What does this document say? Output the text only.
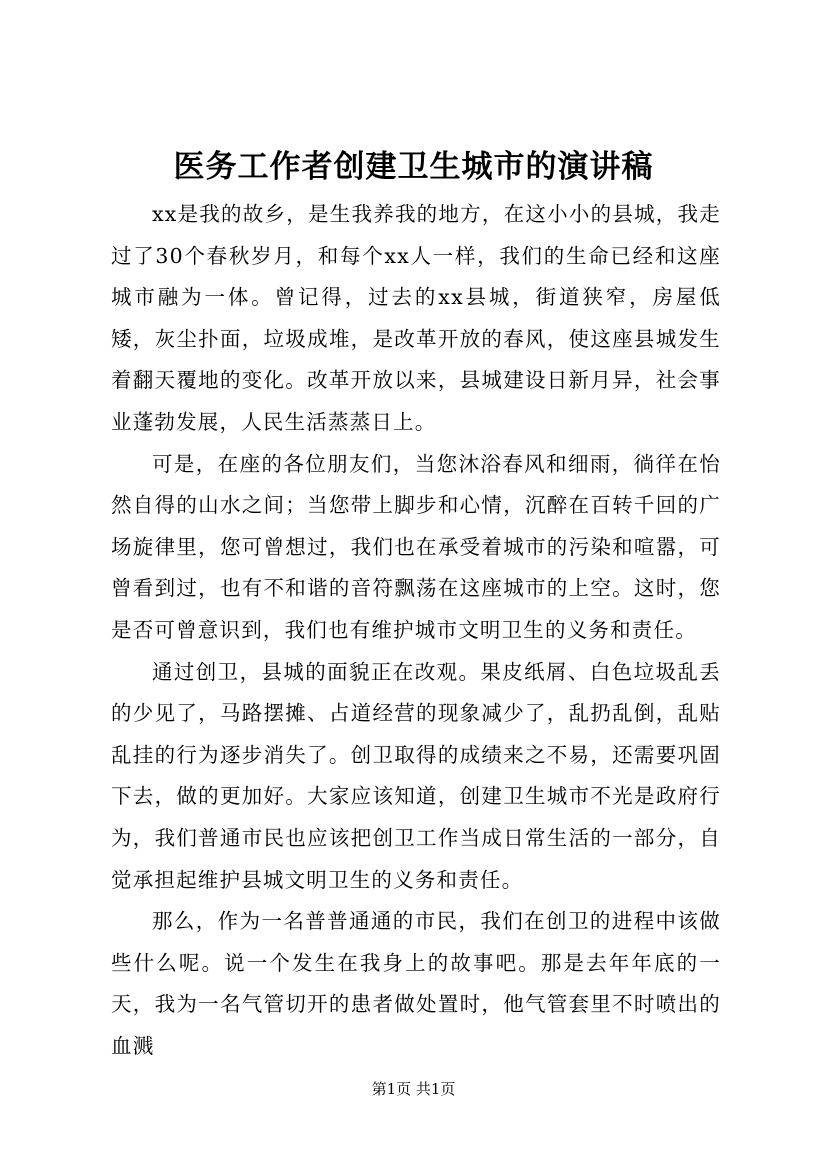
医务工作者创建卫生城市的演讲稿

xx是我的故乡，是生我养我的地方，在这小小的县城，我走过了30个春秋岁月，和每个xx人一样，我们的生命已经和这座城市融为一体。曾记得，过去的xx县城，街道狭窄，房屋低矮，灰尘扑面，垃圾成堆，是改革开放的春风，使这座县城发生着翻天覆地的变化。改革开放以来，县城建设日新月异，社会事业蓬勃发展，人民生活蒸蒸日上。

可是，在座的各位朋友们，当您沐浴春风和细雨，徜徉在怡然自得的山水之间；当您带上脚步和心情，沉醉在百转千回的广场旋律里，您可曾想过，我们也在承受着城市的污染和喧嚣，可曾看到过，也有不和谐的音符飘荡在这座城市的上空。这时，您是否可曾意识到，我们也有维护城市文明卫生的义务和责任。

通过创卫，县城的面貌正在改观。果皮纸屑、白色垃圾乱丢的少见了，马路摆摊、占道经营的现象减少了，乱扔乱倒，乱贴乱挂的行为逐步消失了。创卫取得的成绩来之不易，还需要巩固下去，做的更加好。大家应该知道，创建卫生城市不光是政府行为，我们普通市民也应该把创卫工作当成日常生活的一部分，自觉承担起维护县城文明卫生的义务和责任。

那么，作为一名普普通通的市民，我们在创卫的进程中该做些什么呢。说一个发生在我身上的故事吧。那是去年年底的一天，我为一名气管切开的患者做处置时，他气管套里不时喷出的血溅

第1页 共1页
